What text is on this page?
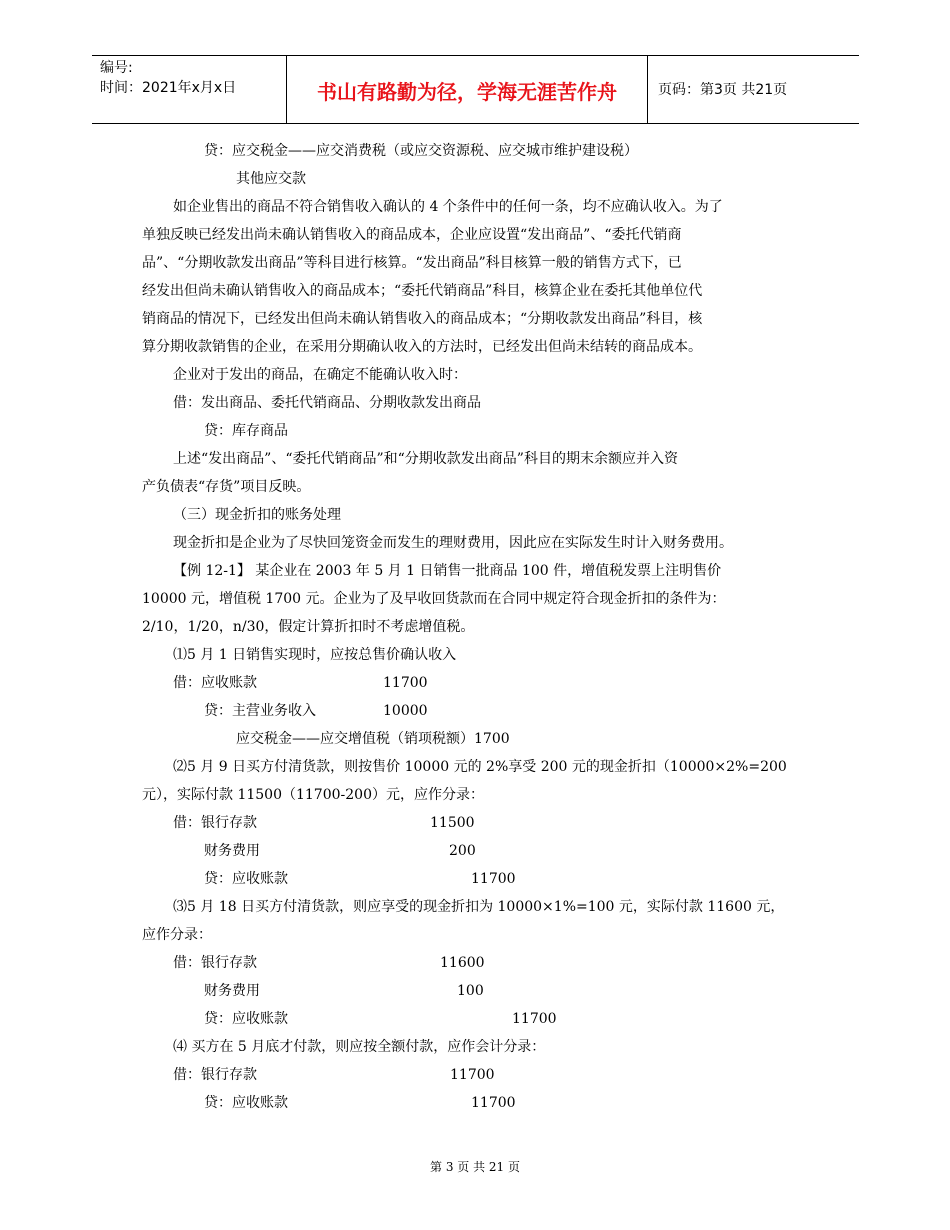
编号:
时间：2021年x月x日	书山有路勤为径，学海无涯苦作舟	页码：第3页 共21页
贷：应交税金——应交消费税（或应交资源税、应交城市维护建设税）
其他应交款
如企业售出的商品不符合销售收入确认的 4 个条件中的任何一条，均不应确认收入。为了
单独反映已经发出尚未确认销售收入的商品成本，企业应设置“发出商品”、“委托代销商
品”、“分期收款发出商品”等科目进行核算。“发出商品”科目核算一般的销售方式下，已
经发出但尚未确认销售收入的商品成本；“委托代销商品”科目，核算企业在委托其他单位代
销商品的情况下，已经发出但尚未确认销售收入的商品成本；“分期收款发出商品”科目，核
算分期收款销售的企业，在采用分期确认收入的方法时，已经发出但尚未结转的商品成本。
企业对于发出的商品，在确定不能确认收入时：
借：发出商品、委托代销商品、分期收款发出商品
贷：库存商品
上述“发出商品”、“委托代销商品”和“分期收款发出商品”科目的期末余额应并入资
产负债表“存货”项目反映。
（三）现金折扣的账务处理
现金折扣是企业为了尽快回笼资金而发生的理财费用，因此应在实际发生时计入财务费用。
【例 12-1】 某企业在 2003 年 5 月 1 日销售一批商品 100 件，增值税发票上注明售价
10000 元，增值税 1700 元。企业为了及早收回货款而在合同中规定符合现金折扣的条件为：
2/10，1/20，n/30，假定计算折扣时不考虑增值税。
⑴5 月 1 日销售实现时，应按总售价确认收入
借：应收账款	11700
贷：主营业务收入	10000
应交税金——应交增值税（销项税额）1700
⑵5 月 9 日买方付清货款，则按售价 10000 元的 2%享受 200 元的现金折扣（10000×2%=200
元），实际付款 11500（11700-200）元，应作分录：
借：银行存款	11500
财务费用	200
贷：应收账款	11700
⑶5 月 18 日买方付清货款，则应享受的现金折扣为 10000×1%=100 元，实际付款 11600 元，
应作分录：
借：银行存款	11600
财务费用	100
贷：应收账款	11700
⑷ 买方在 5 月底才付款，则应按全额付款，应作会计分录：
借：银行存款	11700
贷：应收账款	11700
第 3 页 共 21 页
